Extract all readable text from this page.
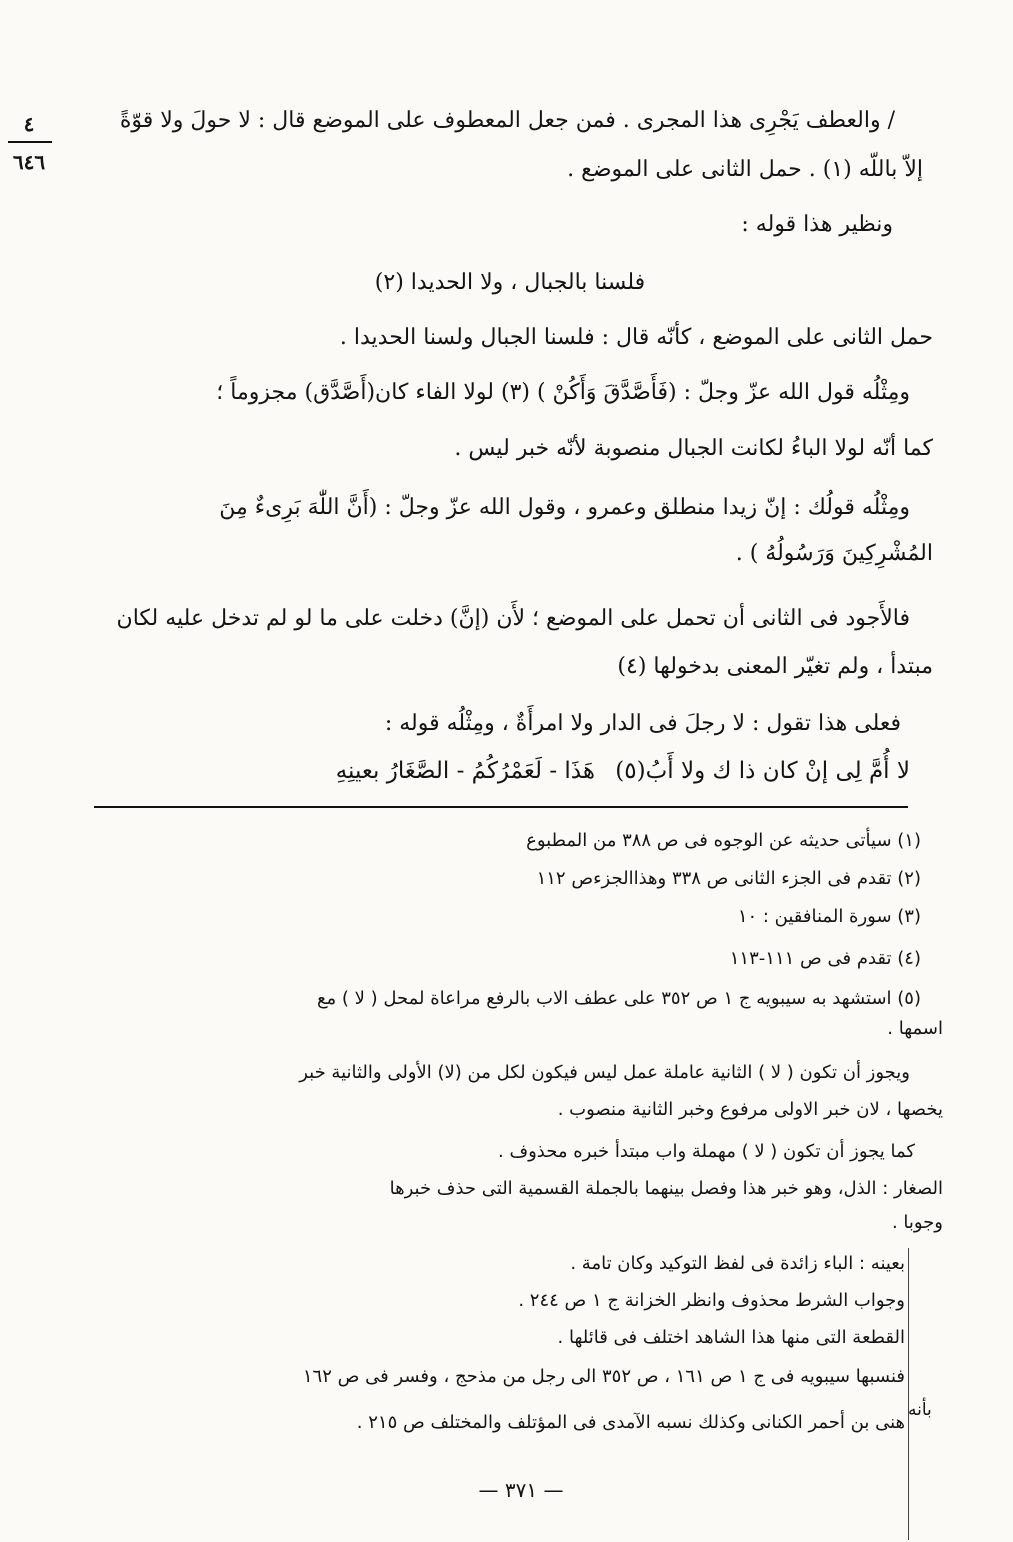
٤
٦٤٦
/ والعطف يَجْرِى هذا المجرى . فمن جعل المعطوف على الموضع قال : لا حولَ ولا قوّةً
إلاّ باللّه (١) . حمل الثانى على الموضع .
ونظير هذا قوله :
فلسنا بالجبال ، ولا الحديدا (٢)
حمل الثانى على الموضع ، كأنّه قال : فلسنا الجبال ولسنا الحديدا .
ومِثْلُه قول الله عزّ وجلّ : (فَأَصَّدَّقَ وَأَكُنْ ) (٣) لولا الفاء كان(أَصَّدَّق) مجزوماً ؛
كما أنّه لولا الباءُ لكانت الجبال منصوبة لأنّه خبر ليس .
ومِثْلُه قولُك : إنّ زيدا منطلق وعمرو ، وقول الله عزّ وجلّ : (أَنَّ اللّٰهَ بَرِىءٌ مِنَ
المُشْرِكِينَ وَرَسُولُهُ ) .
فالأَجود فى الثانى أن تحمل على الموضع ؛ لأَن (إنَّ) دخلت على ما لو لم تدخل عليه لكان
مبتدأ ، ولم تغيّر المعنى بدخولها (٤)
فعلى هذا تقول : لا رجلَ فى الدار ولا امرأَةٌ ، ومِثْلُه قوله :
لا أُمَّ لِى إنْ كان ذا ك ولا أَبُ(٥)
هَذَا - لَعَمْرُكُمُ - الصَّغَارُ بعينِهِ
(١) سيأتى حديثه عن الوجوه فى ص ٣٨٨ من المطبوع
(٢) تقدم فى الجزء الثانى ص ٣٣٨ وهذاالجزءص ١١٢
(٣) سورة المنافقين : ١٠
(٤) تقدم فى ص ١١١-١١٣
(٥) استشهد به سيبويه ج ١ ص ٣٥٢ على عطف الاب بالرفع مراعاة لمحل ( لا ) مع
اسمها .
ويجوز أن تكون ( لا ) الثانية عاملة عمل ليس فيكون لكل من (لا) الأولى والثانية خبر
يخصها ، لان خبر الاولى مرفوع وخبر الثانية منصوب .
كما يجوز أن تكون ( لا ) مهملة واب مبتدأ خبره محذوف .
الصغار : الذل، وهو خبر هذا وفصل بينهما بالجملة القسمية التى حذف خبرها
وجوبا .
بعينه : الباء زائدة فى لفظ التوكيد وكان تامة .
وجواب الشرط محذوف وانظر الخزانة ج ١ ص ٢٤٤ .
القطعة التى منها هذا الشاهد اختلف فى قائلها .
فنسبها سيبويه فى ج ١ ص ١٦١ ، ص ٣٥٢ الى رجل من مذحج ، وفسر فى ص ١٦٢
هنى بن أحمر الكنانى وكذلك نسبه الآمدى فى المؤتلف والمختلف ص ٢١٥ .
بأنه
— ٣٧١ —
